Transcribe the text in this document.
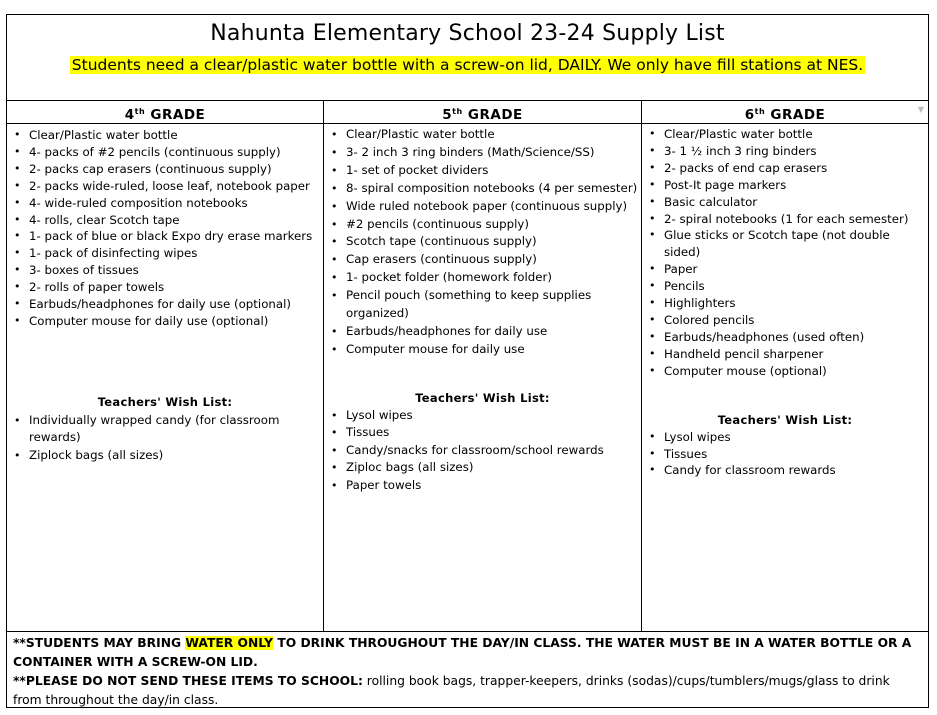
Nahunta Elementary School 23-24 Supply List
Students need a clear/plastic water bottle with a screw-on lid, DAILY. We only have fill stations at NES.
4th GRADE
• Clear/Plastic water bottle
• 4- packs of #2 pencils (continuous supply)
• 2- packs cap erasers (continuous supply)
• 2- packs wide-ruled, loose leaf, notebook paper
• 4- wide-ruled composition notebooks
• 4- rolls, clear Scotch tape
• 1- pack of blue or black Expo dry erase markers
• 1- pack of disinfecting wipes
• 3- boxes of tissues
• 2- rolls of paper towels
• Earbuds/headphones for daily use (optional)
• Computer mouse for daily use (optional)
Teachers' Wish List:
• Individually wrapped candy (for classroom rewards)
• Ziplock bags (all sizes)
5th GRADE
• Clear/Plastic water bottle
• 3- 2 inch 3 ring binders (Math/Science/SS)
• 1- set of pocket dividers
• 8- spiral composition notebooks (4 per semester)
• Wide ruled notebook paper (continuous supply)
• #2 pencils (continuous supply)
• Scotch tape (continuous supply)
• Cap erasers (continuous supply)
• 1- pocket folder (homework folder)
• Pencil pouch (something to keep supplies organized)
• Earbuds/headphones for daily use
• Computer mouse for daily use
Teachers' Wish List:
• Lysol wipes
• Tissues
• Candy/snacks for classroom/school rewards
• Ziploc bags (all sizes)
• Paper towels
▼
6th GRADE
• Clear/Plastic water bottle
• 3- 1 ½ inch 3 ring binders
• 2- packs of end cap erasers
• Post-It page markers
• Basic calculator
• 2- spiral notebooks (1 for each semester)
• Glue sticks or Scotch tape (not double sided)
• Paper
• Pencils
• Highlighters
• Colored pencils
• Earbuds/headphones (used often)
• Handheld pencil sharpener
• Computer mouse (optional)
Teachers' Wish List:
• Lysol wipes
• Tissues
• Candy for classroom rewards
**STUDENTS MAY BRING WATER ONLY TO DRINK THROUGHOUT THE DAY/IN CLASS. THE WATER MUST BE IN A WATER BOTTLE OR A CONTAINER WITH A SCREW-ON LID.
**PLEASE DO NOT SEND THESE ITEMS TO SCHOOL: rolling book bags, trapper-keepers, drinks (sodas)/cups/tumblers/mugs/glass to drink from throughout the day/in class.
